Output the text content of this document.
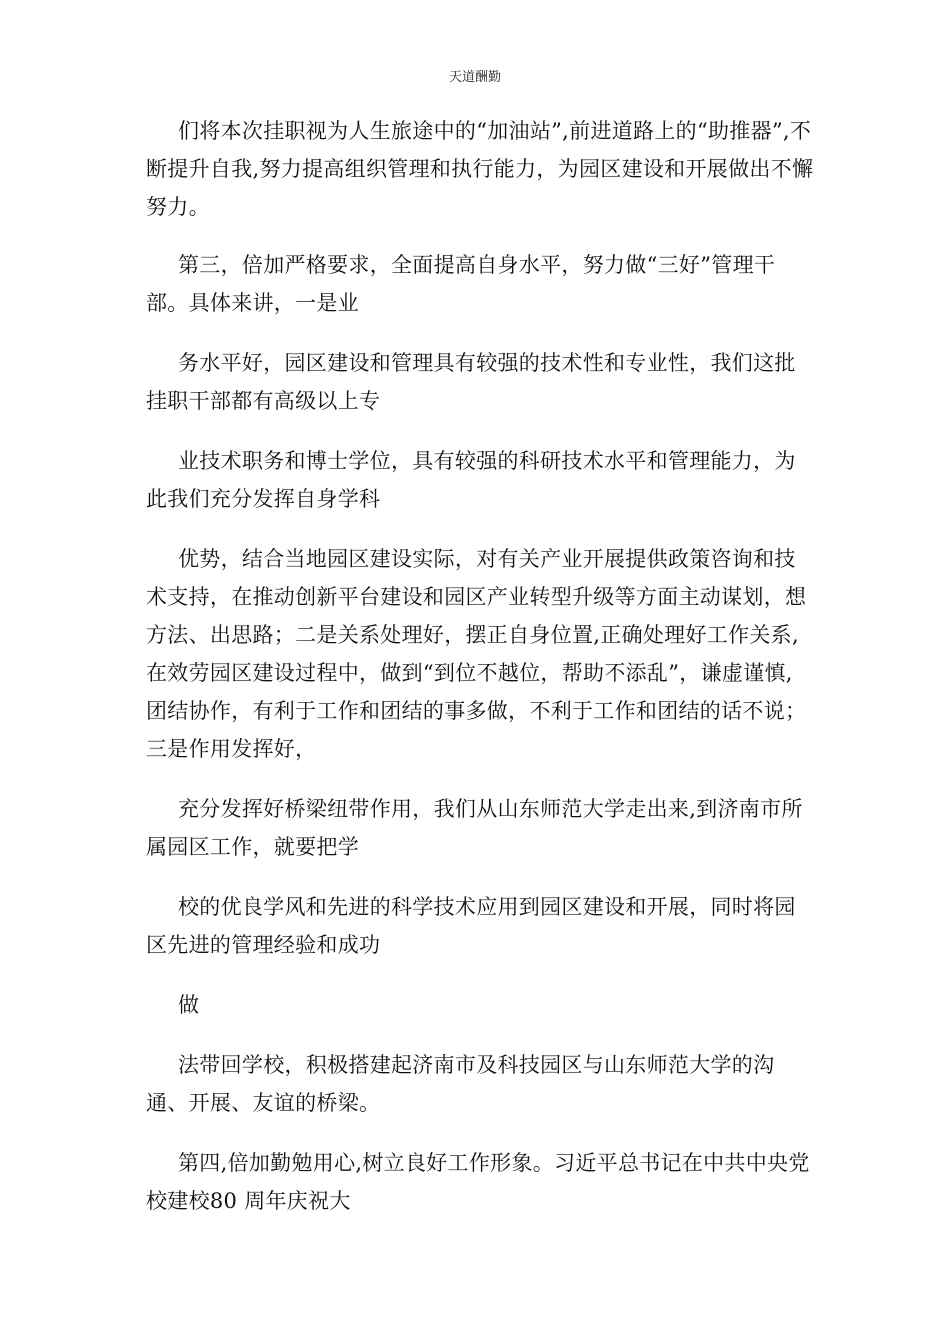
天道酬勤

们将本次挂职视为人生旅途中的“加油站”,前进道路上的“助推器”,不断提升自我,努力提高组织管理和执行能力，为园区建设和开展做出不懈努力。

第三，倍加严格要求，全面提高自身水平，努力做“三好”管理干部。具体来讲，一是业

务水平好，园区建设和管理具有较强的技术性和专业性，我们这批挂职干部都有高级以上专

业技术职务和博士学位，具有较强的科研技术水平和管理能力，为此我们充分发挥自身学科

优势，结合当地园区建设实际，对有关产业开展提供政策咨询和技术支持，在推动创新平台建设和园区产业转型升级等方面主动谋划，想方法、出思路；二是关系处理好，摆正自身位置,正确处理好工作关系,在效劳园区建设过程中，做到“到位不越位，帮助不添乱”，谦虚谨慎,团结协作，有利于工作和团结的事多做，不利于工作和团结的话不说；三是作用发挥好，

充分发挥好桥梁纽带作用，我们从山东师范大学走出来,到济南市所属园区工作，就要把学

校的优良学风和先进的科学技术应用到园区建设和开展，同时将园区先进的管理经验和成功

做

法带回学校，积极搭建起济南市及科技园区与山东师范大学的沟通、开展、友谊的桥梁。

第四,倍加勤勉用心,树立良好工作形象。习近平总书记在中共中央党校建校80 周年庆祝大
